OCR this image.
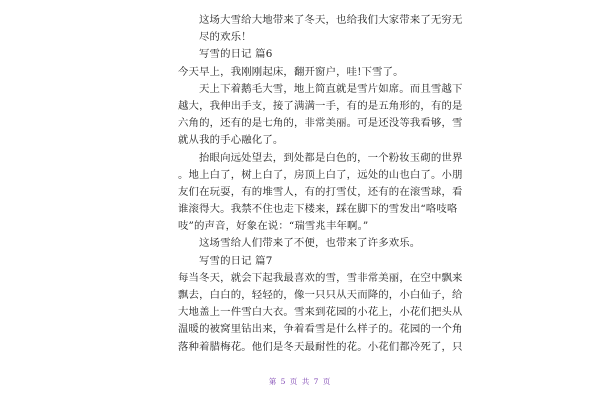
这场大雪给大地带来了冬天，也给我们大家带来了无穷无
尽的欢乐！
写雪的日记 篇6
今天早上，我刚刚起床，翻开窗户，哇!下雪了。
天上下着鹅毛大雪，地上简直就是雪片如席。而且雪越下
越大，我伸出手支，接了满满一手，有的是五角形的，有的是
六角的，还有的是七角的，非常美丽。可是还没等我看够，雪
就从我的手心融化了。
抬眼向远处望去，到处都是白色的，一个粉妆玉砌的世界
。地上白了，树上白了，房顶上白了，远处的山也白了。小朋
友们在玩耍，有的堆雪人，有的打雪仗，还有的在滚雪球，看
谁滚得大。我禁不住也走下楼来，踩在脚下的雪发出“咯吱咯
吱”的声音，好象在说：“瑞雪兆丰年啊。”
这场雪给人们带来了不便，也带来了许多欢乐。
写雪的日记 篇7
每当冬天，就会下起我最喜欢的雪，雪非常美丽，在空中飘来
飘去，白白的，轻轻的，像一只只从天而降的，小白仙子，给
大地盖上一件雪白大衣。雪来到花园的小花上，小花们把头从
温暖的被窝里钻出来，争着看雪是什么样子的。花园的一个角
落种着腊梅花。他们是冬天最耐性的花。小花们都冷死了，只
第 5 页 共 7 页
